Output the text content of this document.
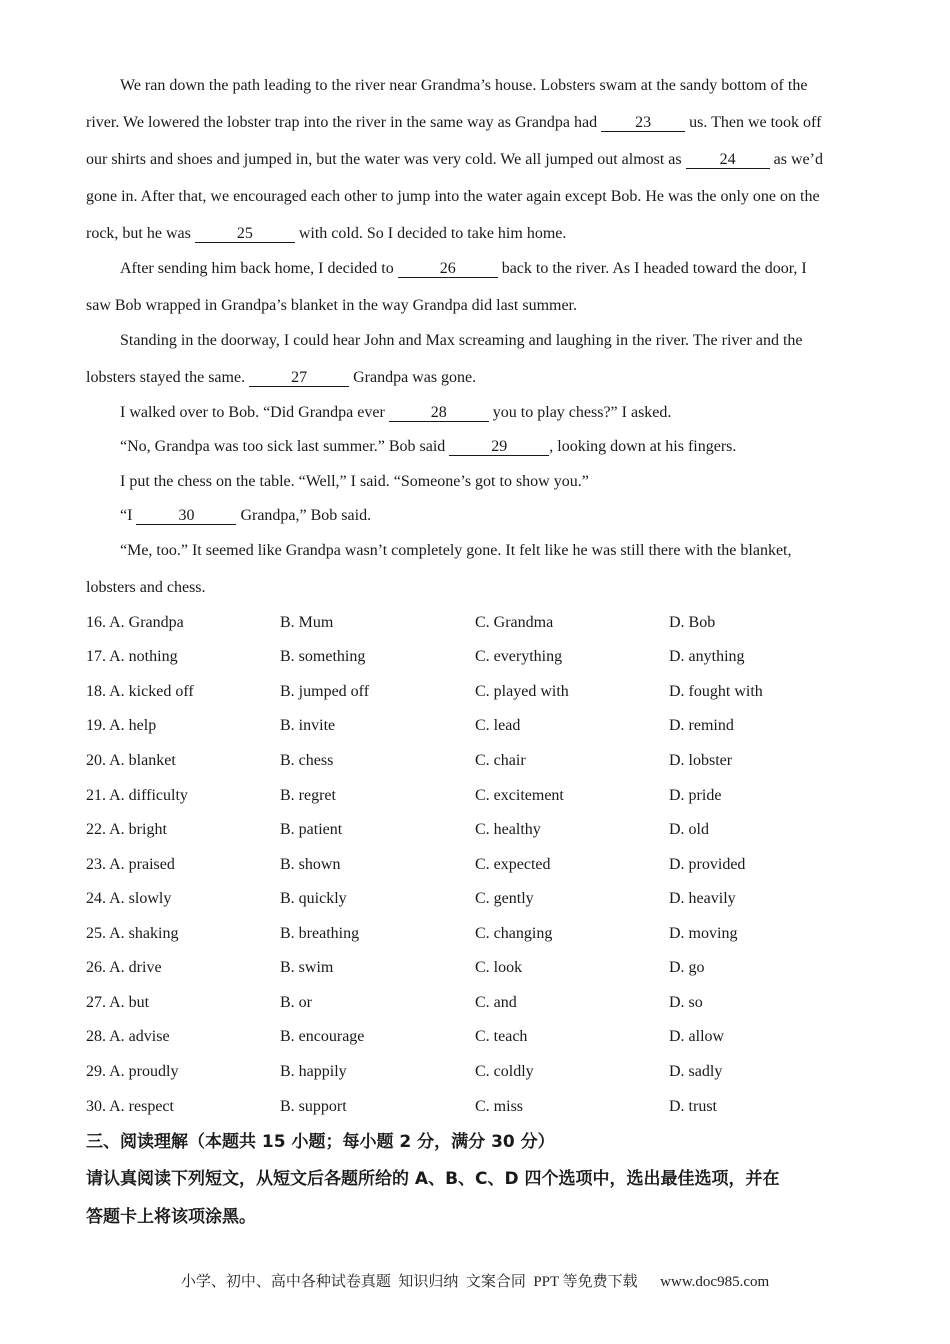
We ran down the path leading to the river near Grandma’s house. Lobsters swam at the sandy bottom of the
river. We lowered the lobster trap into the river in the same way as Grandpa had 23 us. Then we took off
our shirts and shoes and jumped in, but the water was very cold. We all jumped out almost as 24 as we’d
gone in. After that, we encouraged each other to jump into the water again except Bob. He was the only one on the
rock, but he was	25	with cold. So I decided to take him home.
After sending him back home, I decided to	26	back to the river. As I headed toward the door, I
saw Bob wrapped in Grandpa’s blanket in the way Grandpa did last summer.
Standing in the doorway, I could hear John and Max screaming and laughing in the river. The river and the
lobsters stayed the same.	27	Grandpa was gone.
I walked over to Bob. “Did Grandpa ever	28	you to play chess?” I asked.
“No, Grandpa was too sick last summer.” Bob said	29	, looking down at his fingers.
I put the chess on the table. “Well,” I said. “Someone’s got to show you.”
“I	30	Grandpa,” Bob said.
“Me, too.” It seemed like Grandpa wasn’t completely gone. It felt like he was still there with the blanket,
lobsters and chess.
16. A. Grandpa	B. Mum	C. Grandma	D. Bob
17. A. nothing	B. something	C. everything	D. anything
18. A. kicked off	B. jumped off	C. played with	D. fought with
19. A. help	B. invite	C. lead	D. remind
20. A. blanket	B. chess	C. chair	D. lobster
21. A. difficulty	B. regret	C. excitement	D. pride
22. A. bright	B. patient	C. healthy	D. old
23. A. praised	B. shown	C. expected	D. provided
24. A. slowly	B. quickly	C. gently	D. heavily
25. A. shaking	B. breathing	C. changing	D. moving
26. A. drive	B. swim	C. look	D. go
27. A. but	B. or	C. and	D. so
28. A. advise	B. encourage	C. teach	D. allow
29. A. proudly	B. happily	C. coldly	D. sadly
30. A. respect	B. support	C. miss	D. trust
三、阅读理解（本题共 15 小题；每小题 2 分，满分 30 分）
请认真阅读下列短文，从短文后各题所给的 A、B、C、D 四个选项中，选出最佳选项，并在
答题卡上将该项涂黑。
小学、初中、高中各种试卷真题  知识归纳  文案合同  PPT 等免费下载      www.doc985.com
